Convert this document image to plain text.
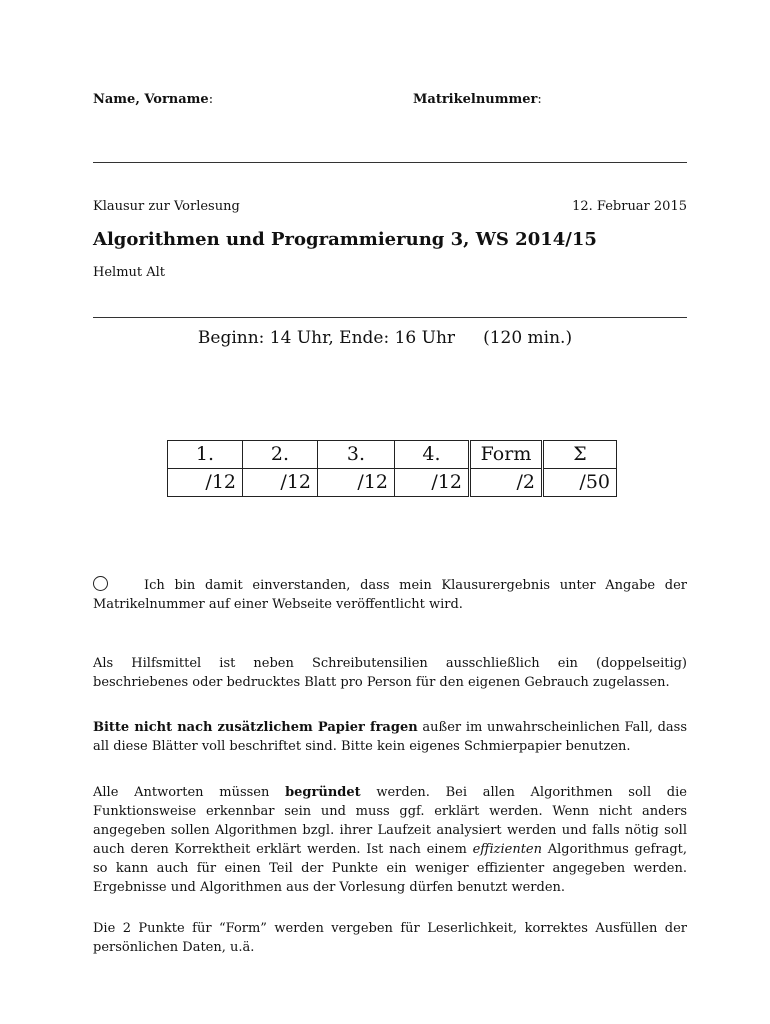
Name, Vorname:	Matrikelnummer:
Klausur zur Vorlesung	12. Februar 2015
Algorithmen und Programmierung 3, WS 2014/15
Helmut Alt
Beginn: 14 Uhr, Ende: 16 Uhr (120 min.)
1.	2.	3.	4.	Form	Σ
/12	/12	/12	/12	/2	/50
Ich bin damit einverstanden, dass mein Klausurergebnis unter Angabe der Matrikelnummer auf einer Webseite veröffentlicht wird.
Als Hilfsmittel ist neben Schreibutensilien ausschließlich ein (doppelseitig) beschriebenes oder bedrucktes Blatt pro Person für den eigenen Gebrauch zugelassen.
Bitte nicht nach zusätzlichem Papier fragen außer im unwahrscheinlichen Fall, dass all diese Blätter voll beschriftet sind. Bitte kein eigenes Schmierpapier benutzen.
Alle Antworten müssen begründet werden. Bei allen Algorithmen soll die Funktionsweise erkennbar sein und muss ggf. erklärt werden. Wenn nicht anders angegeben sollen Algorithmen bzgl. ihrer Laufzeit analysiert werden und falls nötig soll auch deren Korrektheit erklärt werden. Ist nach einem effizienten Algorithmus gefragt, so kann auch für einen Teil der Punkte ein weniger effizienter angegeben werden. Ergebnisse und Algorithmen aus der Vorlesung dürfen benutzt werden.
Die 2 Punkte für “Form” werden vergeben für Leserlichkeit, korrektes Ausfüllen der persönlichen Daten, u.ä.
